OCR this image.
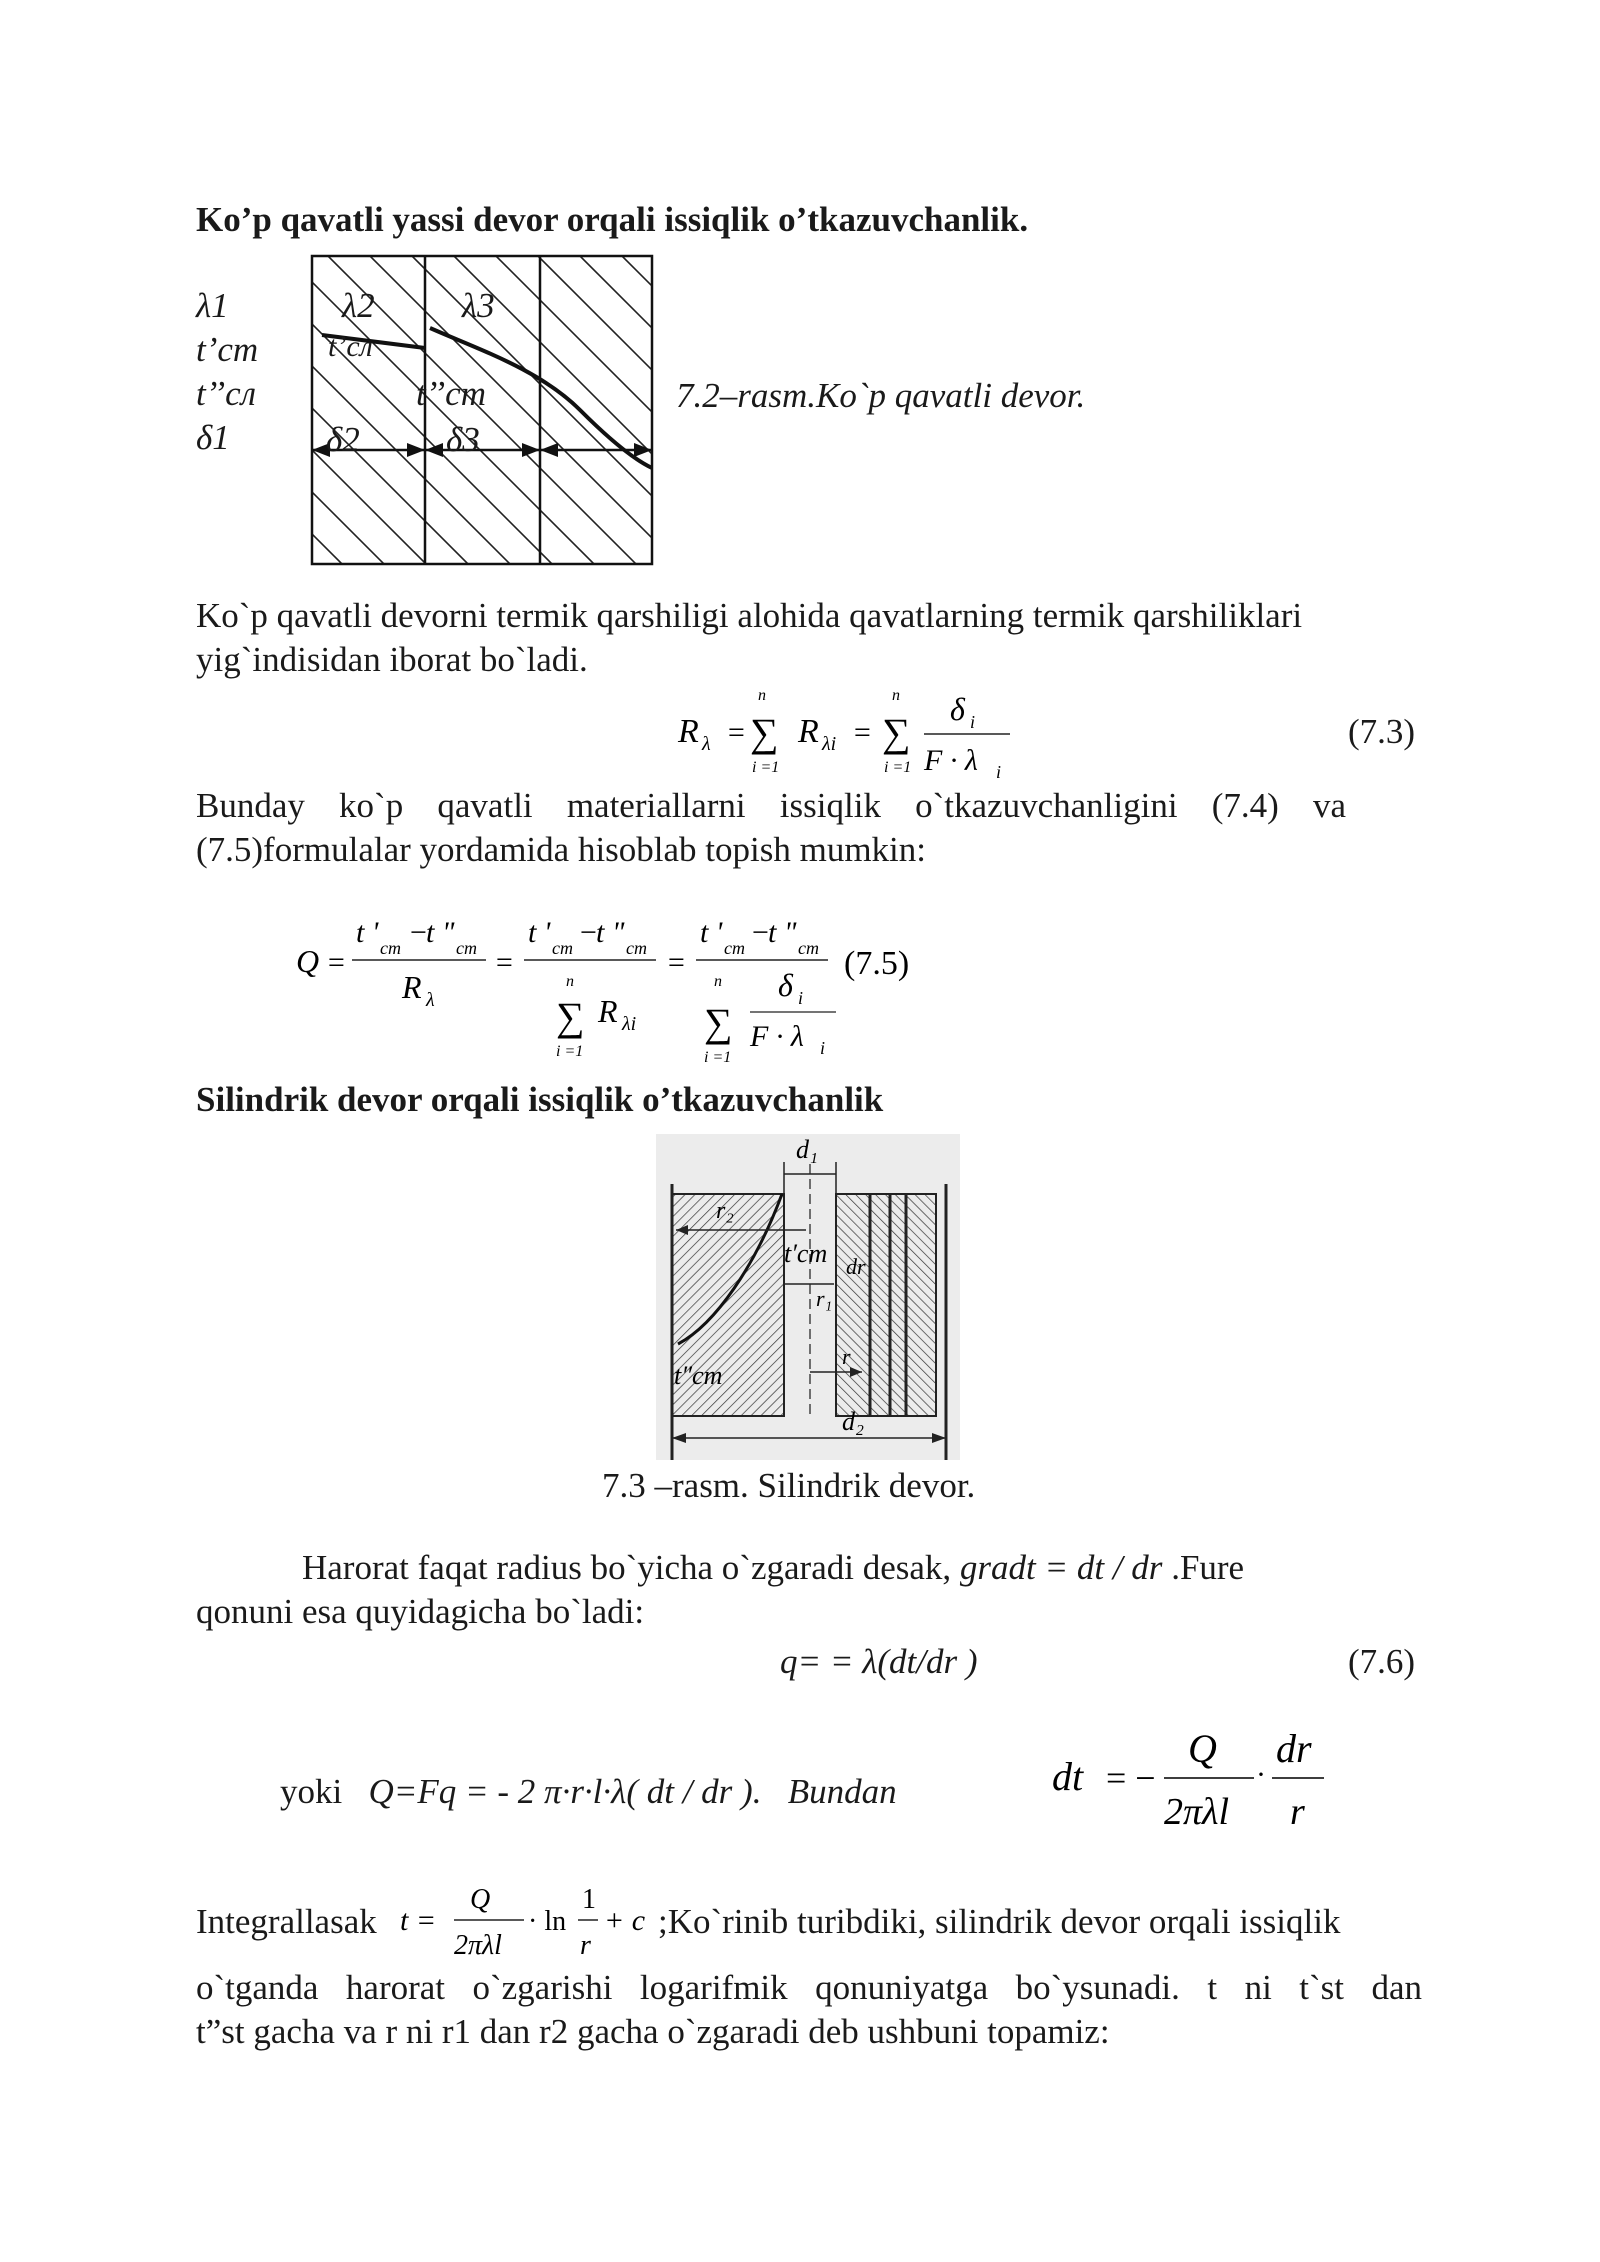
Ko’p qavatli yassi devor orqali issiqlik o’tkazuvchanlik.
λ1
t’cm
t’’cл
δ1
λ2 λ3
t’cл
t’’cm
δ2 δ3
7.2–rasm.Ko`p qavatli devor.
Ko`p qavatli devorni termik qarshiligi alohida qavatlarning termik qarshiliklari
yig`indisidan iborat bo`ladi.
R λ =
n
∑
i =1
R λi =
n
∑
i =1
δ i
F · λ i
(7.3)
Bunday ko`p qavatli materiallarni issiqlik o`tkazuvchanligini (7.4) va
(7.5)formulalar yordamida hisoblab topish mumkin:
Q =
t ' cm −
t " cm
R λ
=
t ' cm −
t " cm
n
∑
i =1
R λi
=
t ' cm −
t " cm
n
∑
i =1
δ i
F · λ i
(7.5)
Silindrik devor orqali issiqlik o’tkazuvchanlik
d₁
r₂
t′ст dr
r₁
r
t″ст
d₂
7.3 –rasm. Silindrik devor.
Harorat faqat radius bo`yicha o`zgaradi desak, gradt = dt / dr .Fure
qonuni esa quyidagicha bo`ladi:
q= = λ(dt/dr )	(7.6)
yoki Q=Fq = - 2 π·r·l·λ( dt / dr ). Bundan	dt = −
Q
2πλl
·
dr
r
Integrallasak t =
Q
2πλl
· ln
1
r
+ c ;Ko`rinib turibdiki, silindrik devor orqali issiqlik
o`tganda harorat o`zgarishi logarifmik qonuniyatga bo`ysunadi. t ni t`st dan
t”st gacha va r ni r1 dan r2 gacha o`zgaradi deb ushbuni topamiz:
